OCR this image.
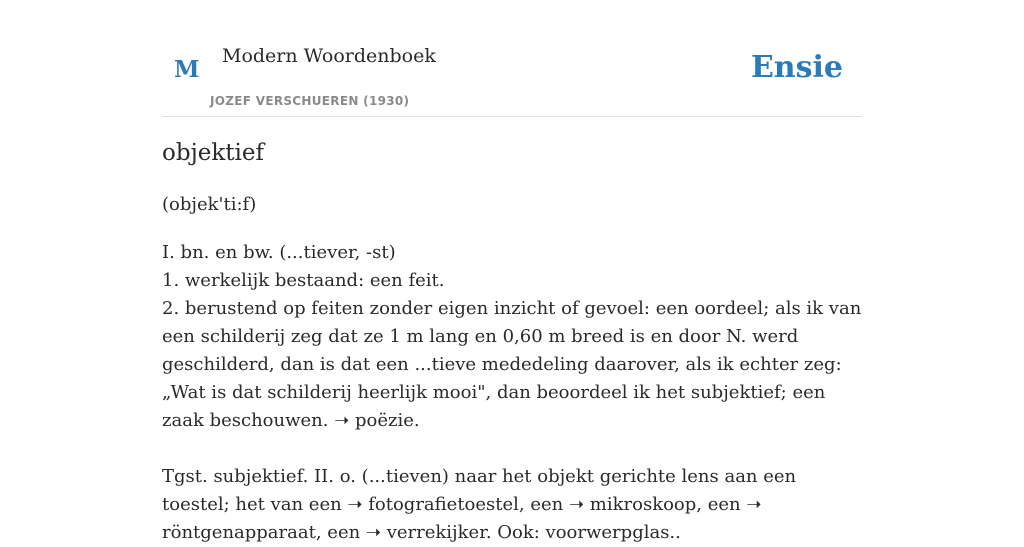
M Modern Woordenboek
JOZEF VERSCHUEREN (1930)
Ensie
objektief
(objek'ti:f)

I. bn. en bw. (...tiever, -st)

1. werkelijk bestaand: een feit.

2. berustend op feiten zonder eigen inzicht of gevoel: een oordeel; als ik van een schilderij zeg dat ze 1 m lang en 0,60 m breed is en door N. werd geschilderd, dan is dat een ...tieve mededeling daarover, als ik echter zeg: „Wat is dat schilderij heerlijk mooi", dan beoordeel ik het subjektief; een zaak beschouwen. ➝ poëzie.

Tgst. subjektief. II. o. (...tieven) naar het objekt gerichte lens aan een toestel; het van een ➝ fotografietoestel, een ➝ mikroskoop, een ➝ röntgenapparaat, een ➝ verrekijker. Ook: voorwerpglas..
